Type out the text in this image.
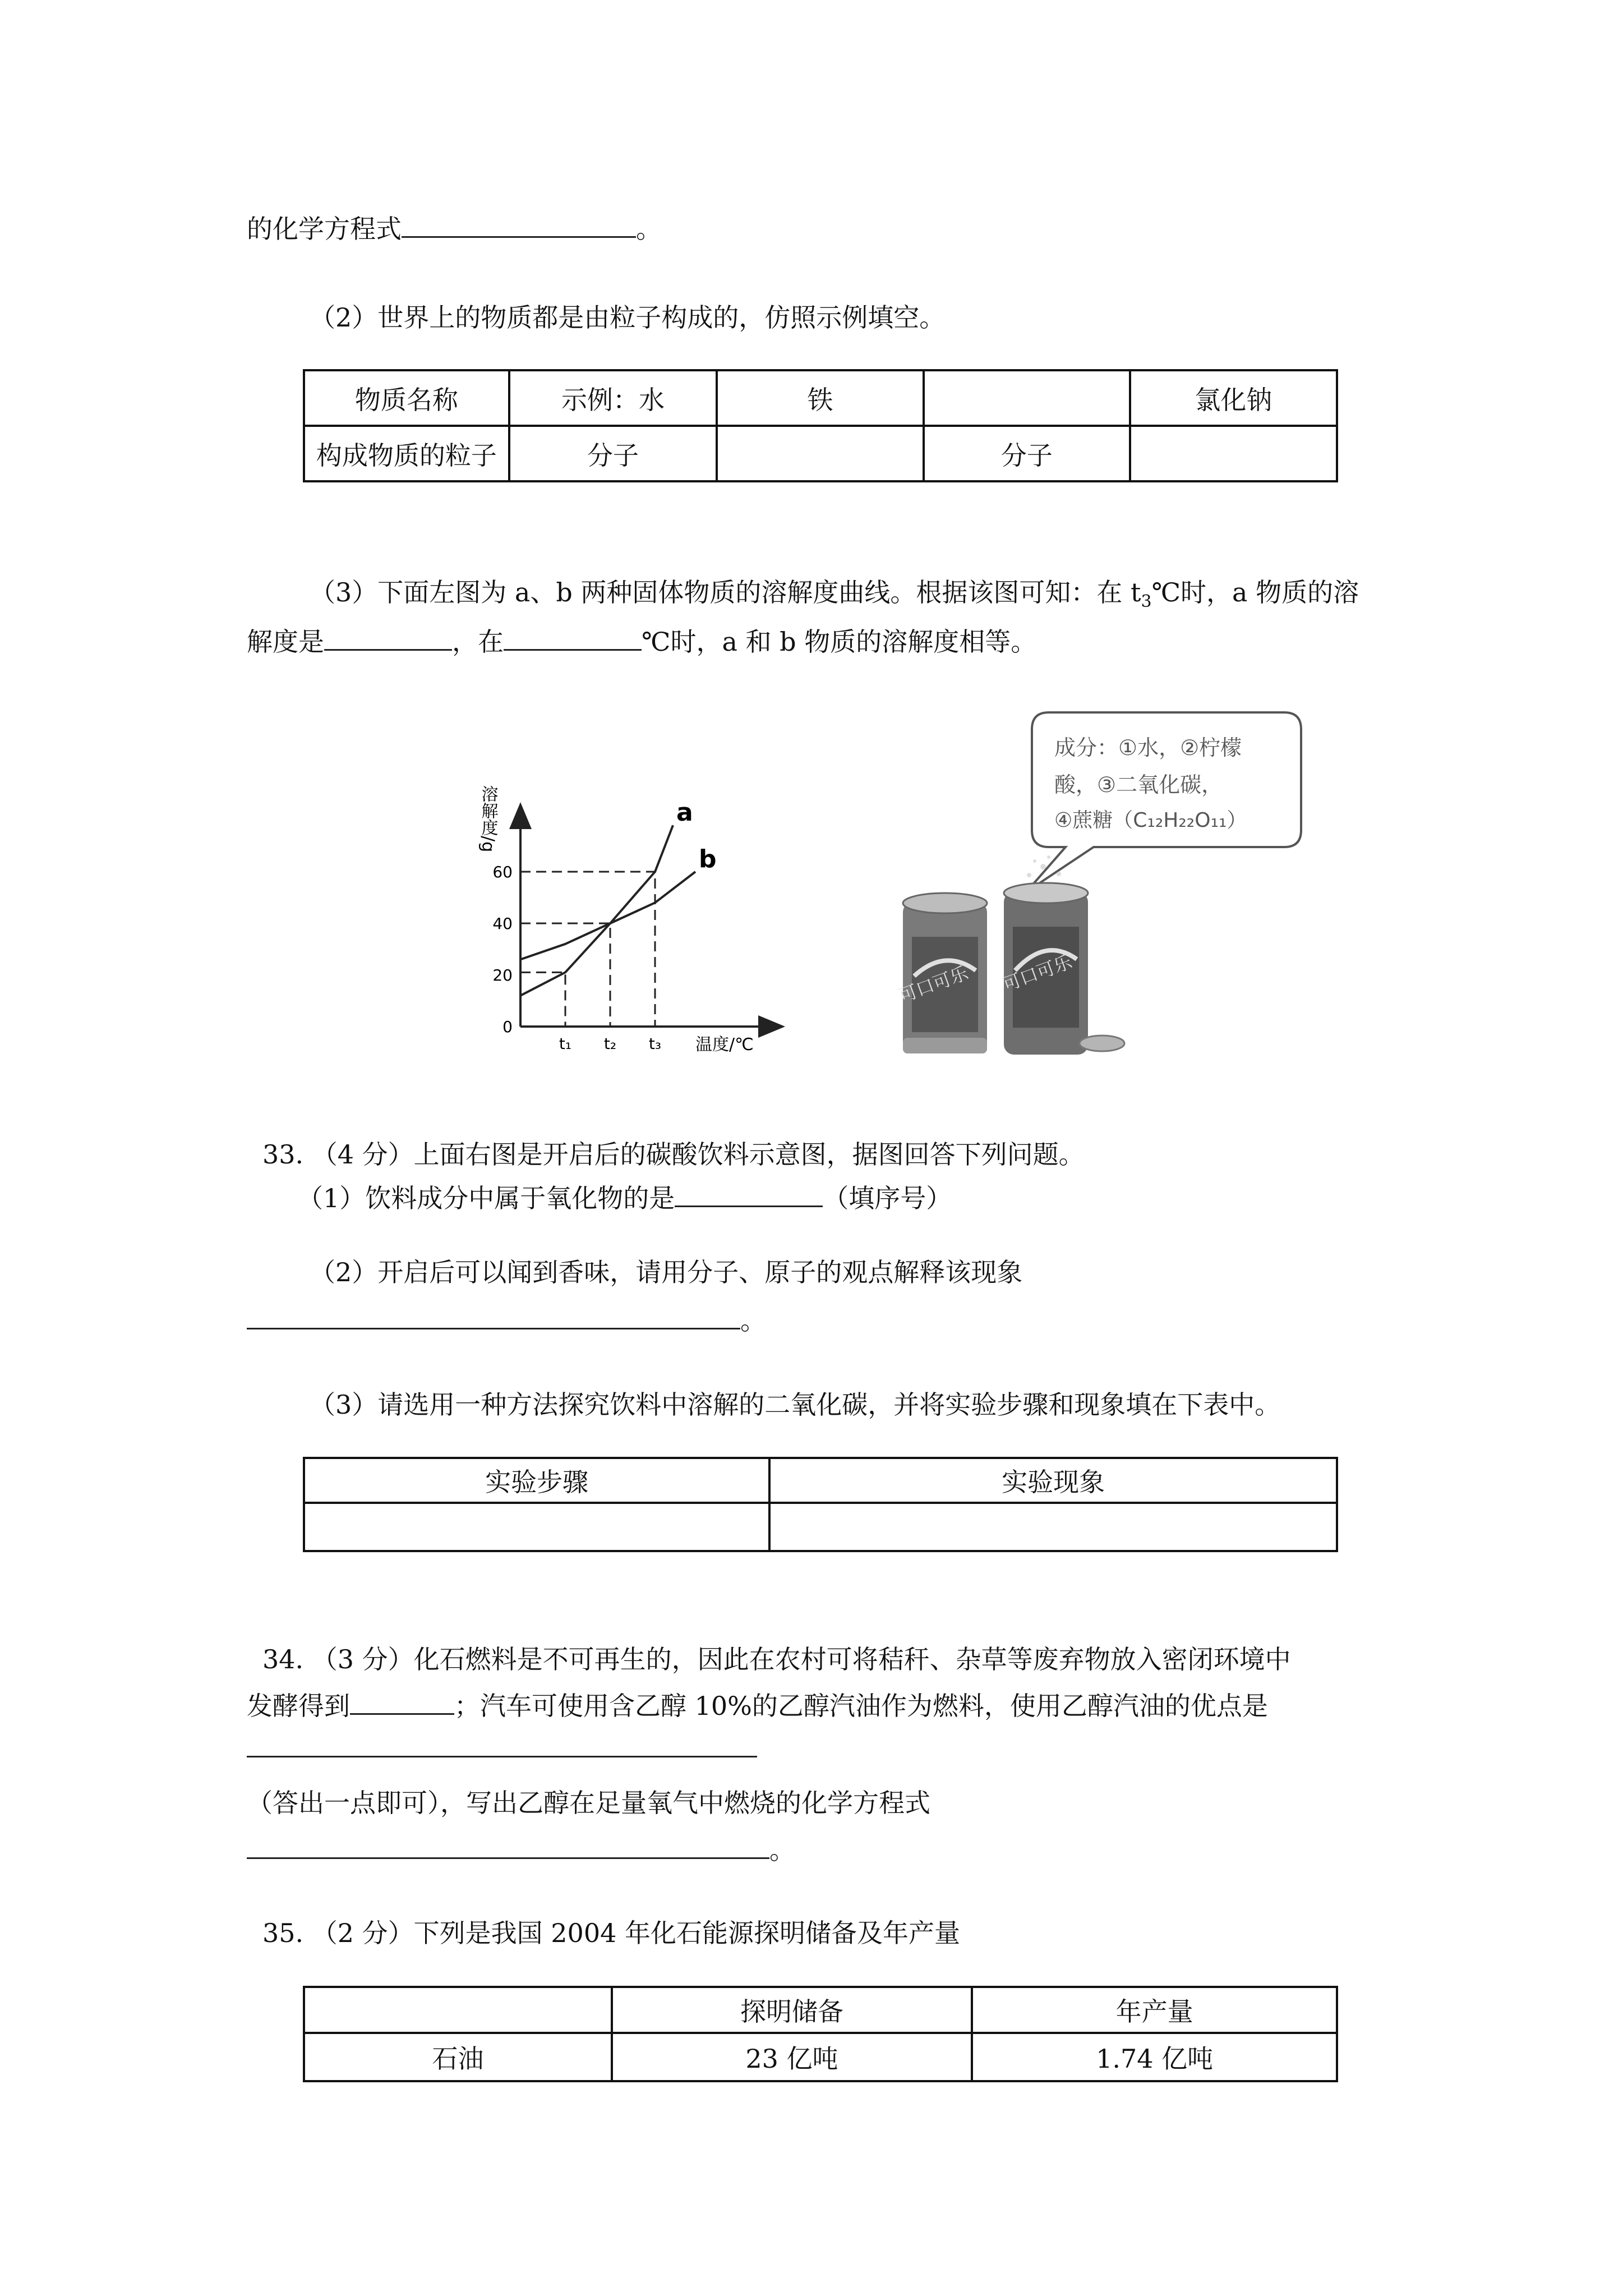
的化学方程式	。
（2）世界上的物质都是由粒子构成的，仿照示例填空。
物质名称	示例：水	铁		氯化钠
构成物质的粒子	分子		分子	
（3）下面左图为 a、b 两种固体物质的溶解度曲线。根据该图可知：在 $t_3℃$时，a 物质的溶
解度是	，在	℃时，a 和 b 物质的溶解度相等。
溶解度/g
温度/℃
0
20
40
60
t₁ t₂ t₃
a
b
可口可乐 可口可乐
成分：①水，②柠檬
酸，③二氧化碳，
④蔗糖（C₁₂H₂₂O₁₁）
33. （4 分）上面右图是开启后的碳酸饮料示意图，据图回答下列问题。
（1）饮料成分中属于氧化物的是	（填序号）
（2）开启后可以闻到香味，请用分子、原子的观点解释该现象
。
（3）请选用一种方法探究饮料中溶解的二氧化碳，并将实验步骤和现象填在下表中。
实验步骤	实验现象

34. （3 分）化石燃料是不可再生的，因此在农村可将秸秆、杂草等废弃物放入密闭环境中
发酵得到	；汽车可使用含乙醇 10%的乙醇汽油作为燃料，使用乙醇汽油的优点是
（答出一点即可），写出乙醇在足量氧气中燃烧的化学方程式
。
35. （2 分）下列是我国 2004 年化石能源探明储备及年产量
	探明储备	年产量
石油	23 亿吨	1.74 亿吨
